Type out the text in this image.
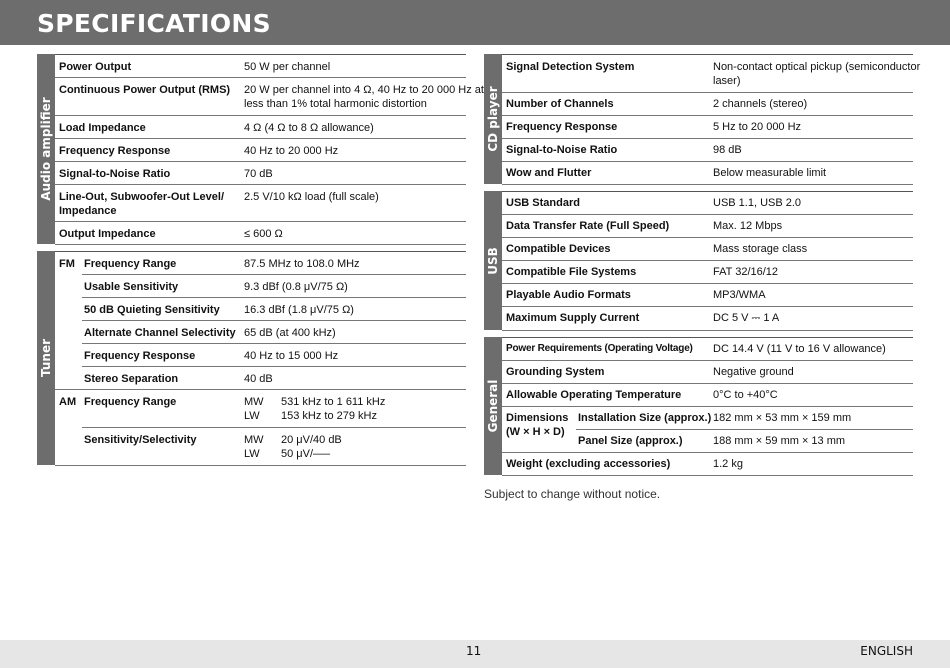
SPECIFICATIONS
Audio amplifier
Power Output	50 W per channel
Continuous Power Output (RMS) 20 W per channel into 4 Ω, 40 Hz to 20 000 Hz at
less than 1% total harmonic distortion
Load Impedance	4 Ω (4 Ω to 8 Ω allowance)
Frequency Response	40 Hz to 20 000 Hz
Signal-to-Noise Ratio	70 dB
Line-Out, Subwoofer-Out Level/
Impedance
2.5 V/10 kΩ load (full scale)
Output Impedance	≤ 600 Ω
Tuner
FM Frequency Range	87.5 MHz to 108.0 MHz
Usable Sensitivity	9.3 dBf (0.8 μV/75 Ω)
50 dB Quieting Sensitivity 16.3 dBf (1.8 μV/75 Ω)
Alternate Channel Selectivity 65 dB (at 400 kHz)
Frequency Response	40 Hz to 15 000 Hz
Stereo Separation	40 dB
AM Frequency Range	MW 531 kHz to 1 611 kHz
LW 153 kHz to 279 kHz
Sensitivity/Selectivity	MW 20 μV/40 dB
LW 50 μV/—–
CD player
Signal Detection System	Non-contact optical pickup (semiconductor
laser)
Number of Channels	2 channels (stereo)
Frequency Response	5 Hz to 20 000 Hz
Signal-to-Noise Ratio	98 dB
Wow and Flutter	Below measurable limit
USB
USB Standard	USB 1.1, USB 2.0
Data Transfer Rate (Full Speed)	Max. 12 Mbps
Compatible Devices	Mass storage class
Compatible File Systems	FAT 32/16/12
Playable Audio Formats	MP3/WMA
Maximum Supply Current	DC 5 V ⎓ 1 A
General
Power Requirements (Operating Voltage) DC 14.4 V (11 V to 16 V allowance)
Grounding System	Negative ground
Allowable Operating Temperature	0°C to +40°C
Dimensions
(W × H × D)
Installation Size (approx.) 182 mm × 53 mm × 159 mm
Panel Size (approx.)	188 mm × 59 mm × 13 mm
Weight (excluding accessories)	1.2 kg
Subject to change without notice.
11	ENGLISH
